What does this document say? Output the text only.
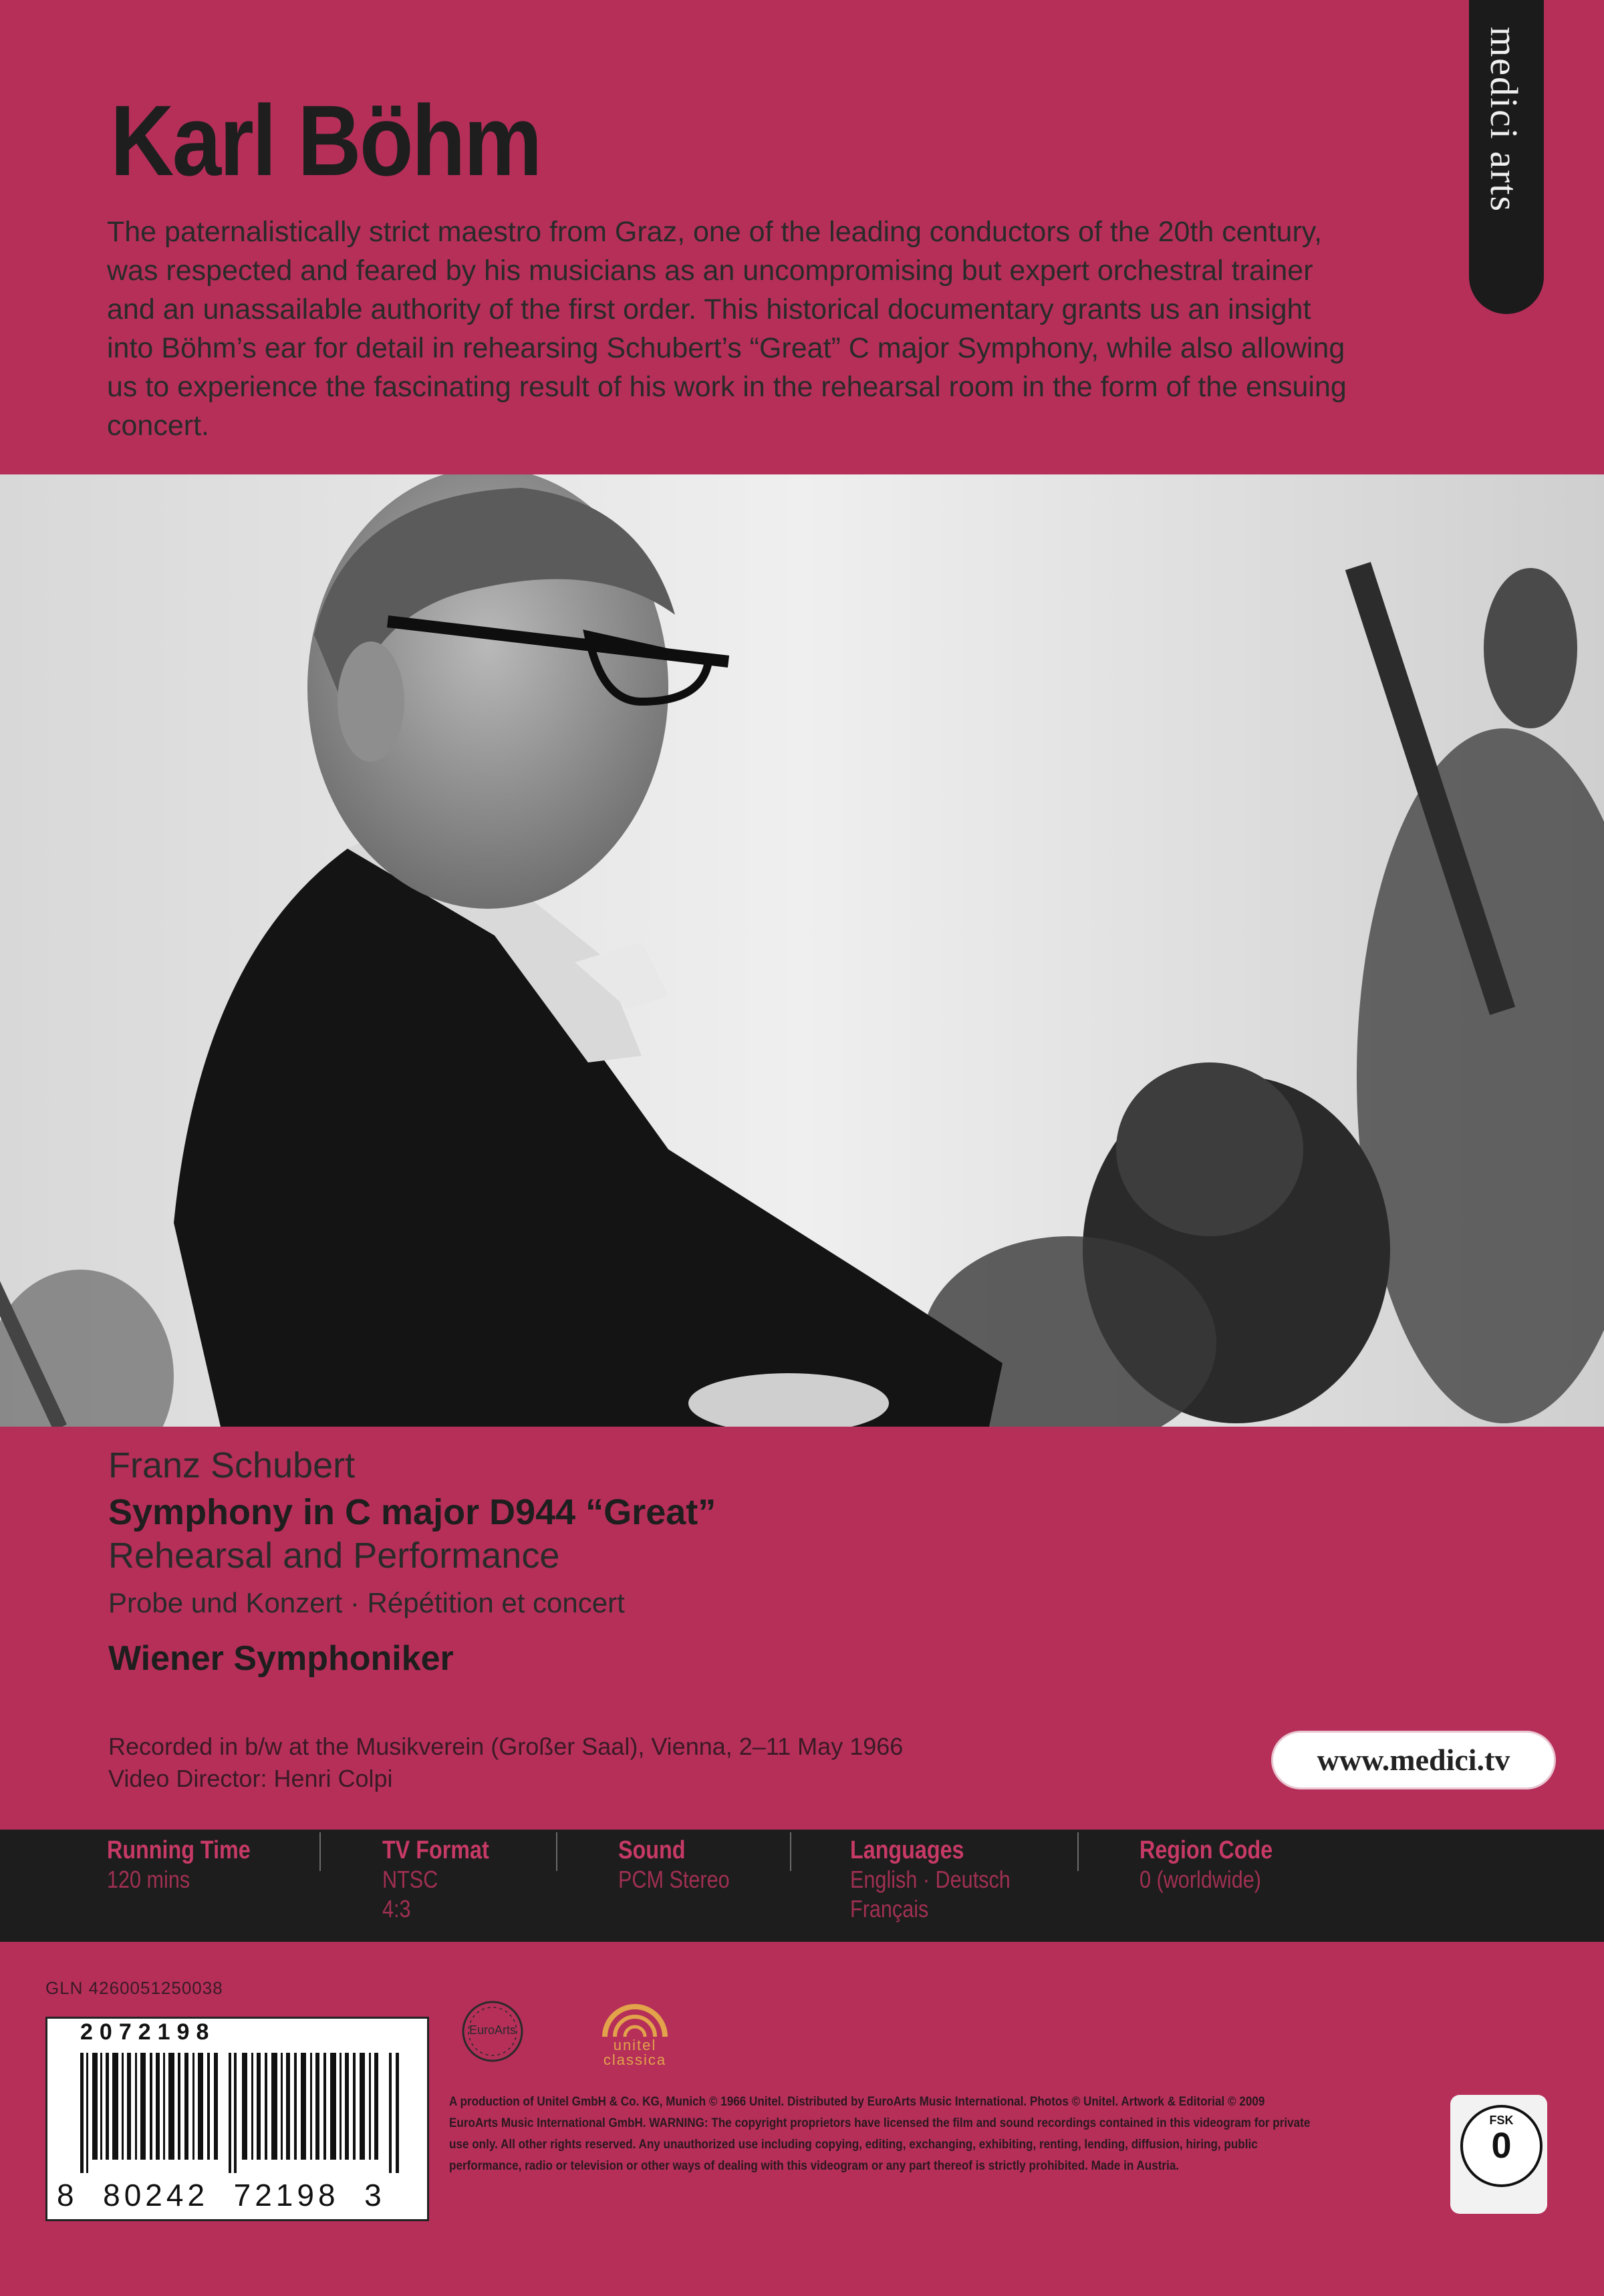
Karl Böhm
The paternalistically strict maestro from Graz, one of the leading conductors of the 20th century, was respected and feared by his musicians as an uncompromising but expert orchestral trainer and an unassailable authority of the first order. This historical documentary grants us an insight into Böhm’s ear for detail in rehearsing Schubert’s “Great” C major Symphony, while also allowing us to experience the fascinating result of his work in the rehearsal room in the form of the ensuing concert.
medici arts
Franz Schubert
Symphony in C major D944 “Great”
Rehearsal and Performance
Probe und Konzert · Répétition et concert
Wiener Symphoniker
Recorded in b/w at the Musikverein (Großer Saal), Vienna, 2–11 May 1966
Video Director: Henri Colpi
www.medici.tv
Running Time
120 mins
TV Format
NTSC
4:3
Sound
PCM Stereo
Languages
English · Deutsch
Français
Region Code
0 (worldwide)
GLN 4260051250038
2072198
8  80242  72198  3
EuroArts
unitel
classica
A production of Unitel GmbH & Co. KG, Munich © 1966 Unitel. Distributed by EuroArts Music International. Photos © Unitel. Artwork & Editorial © 2009 EuroArts Music International GmbH. WARNING: The copyright proprietors have licensed the film and sound recordings contained in this videogram for private use only. All other rights reserved. Any unauthorized use including copying, editing, exchanging, exhibiting, renting, lending, diffusion, hiring, public performance, radio or television or other ways of dealing with this videogram or any part thereof is strictly prohibited. Made in Austria.
FSK
0
